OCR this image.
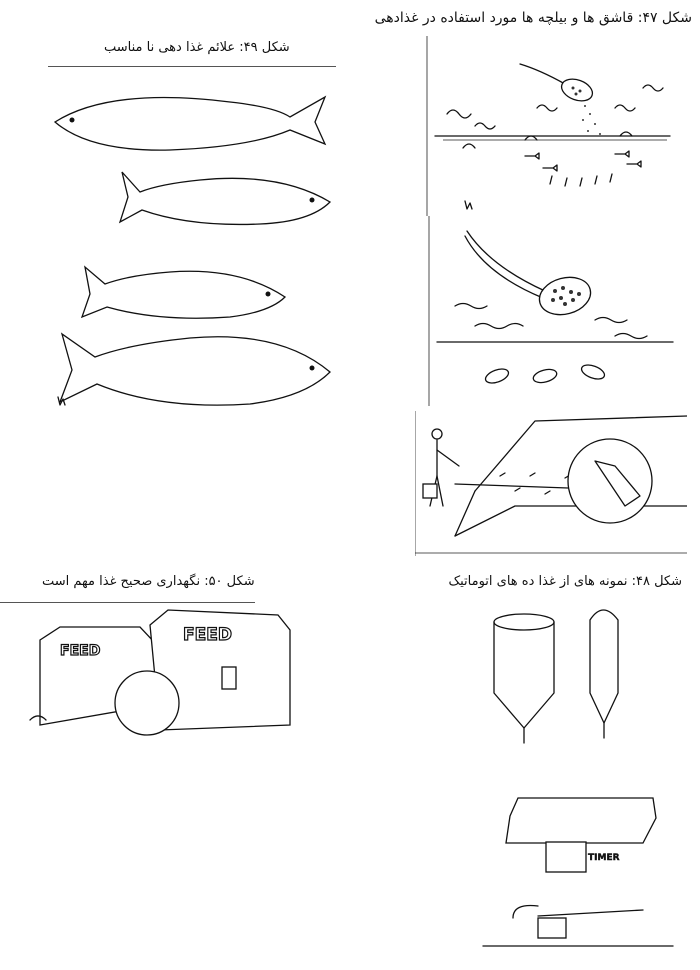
شکل ۴۷: قاشق ها و بیلچه ها مورد استفاده در غذادهی
شکل ۴۹: علائم غذا دهی نا مناسب
شکل ۴۸: نمونه های از غذا ده های اتوماتیک
شکل ۵۰: نگهداری صحیح غذا مهم است
TIMER
FEED
FEED
